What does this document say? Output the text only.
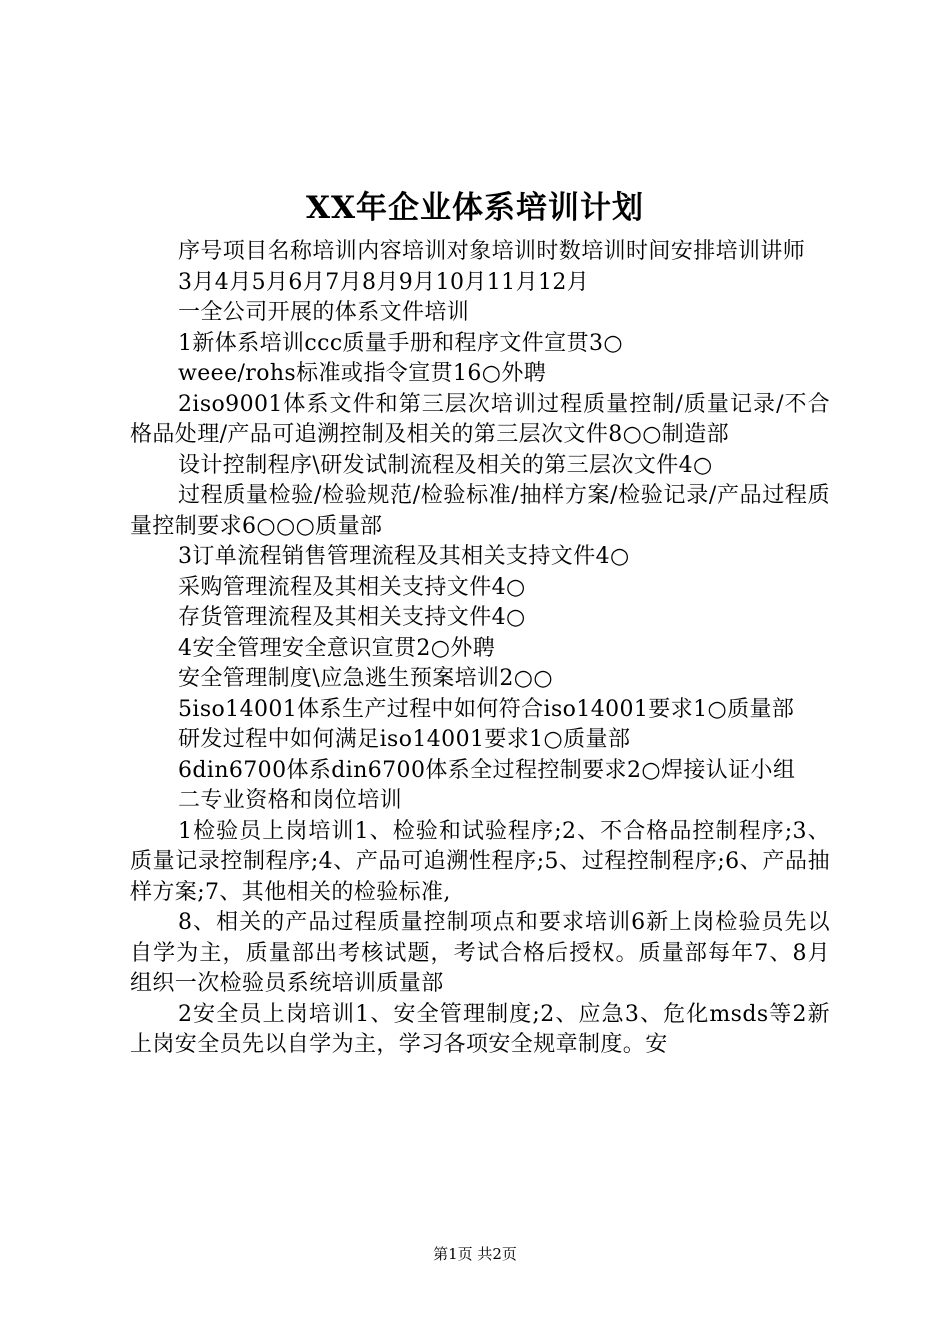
XX年企业体系培训计划

序号项目名称培训内容培训对象培训时数培训时间安排培训讲师

3月4月5月6月7月8月9月10月11月12月

一全公司开展的体系文件培训

1新体系培训ccc质量手册和程序文件宣贯3○

weee/rohs标准或指令宣贯16○外聘

2iso9001体系文件和第三层次培训过程质量控制/质量记录/不合格品处理/产品可追溯控制及相关的第三层次文件8○○制造部

设计控制程序\研发试制流程及相关的第三层次文件4○

过程质量检验/检验规范/检验标准/抽样方案/检验记录/产品过程质量控制要求6○○○质量部

3订单流程销售管理流程及其相关支持文件4○

采购管理流程及其相关支持文件4○

存货管理流程及其相关支持文件4○

4安全管理安全意识宣贯2○外聘

安全管理制度\应急逃生预案培训2○○

5iso14001体系生产过程中如何符合iso14001要求1○质量部

研发过程中如何满足iso14001要求1○质量部

6din6700体系din6700体系全过程控制要求2○焊接认证小组

二专业资格和岗位培训

1检验员上岗培训1、检验和试验程序;2、不合格品控制程序;3、质量记录控制程序;4、产品可追溯性程序;5、过程控制程序;6、产品抽样方案;7、其他相关的检验标准,

8、相关的产品过程质量控制项点和要求培训6新上岗检验员先以自学为主，质量部出考核试题，考试合格后授权。质量部每年7、8月组织一次检验员系统培训质量部

2安全员上岗培训1、安全管理制度;2、应急3、危化msds等2新上岗安全员先以自学为主，学习各项安全规章制度。安

第1页 共2页
